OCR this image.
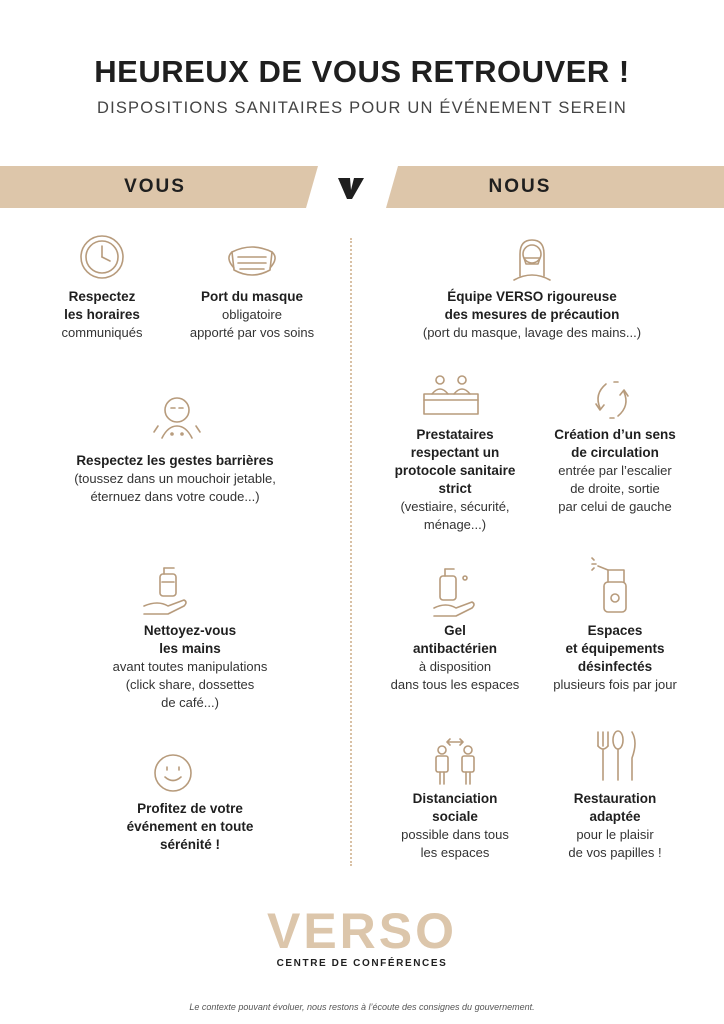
HEUREUX DE VOUS RETROUVER !
DISPOSITIONS SANITAIRES POUR UN ÉVÉNEMENT SEREIN
VOUS	NOUS
Respectez
les horaires
communiqués
Port du masque
obligatoire
apporté par vos soins
Respectez les gestes barrières
(toussez dans un mouchoir jetable,
éternuez dans votre coude...)
Nettoyez-vous
les mains
avant toutes manipulations
(click share, dossettes
de café...)
Profitez de votre
événement en toute
sérénité !
Équipe VERSO rigoureuse
des mesures de précaution
(port du masque, lavage des mains...)
Prestataires
respectant un
protocole sanitaire
strict
(vestiaire, sécurité,
ménage...)
Création d’un sens
de circulation
entrée par l’escalier
de droite, sortie
par celui de gauche
Gel
antibactérien
à disposition
dans tous les espaces
Espaces
et équipements
désinfectés
plusieurs fois par jour
Distanciation
sociale
possible dans tous
les espaces
Restauration
adaptée
pour le plaisir
de vos papilles !
VERSO
CENTRE DE CONFÉRENCES
Le contexte pouvant évoluer, nous restons à l’écoute des consignes du gouvernement.
